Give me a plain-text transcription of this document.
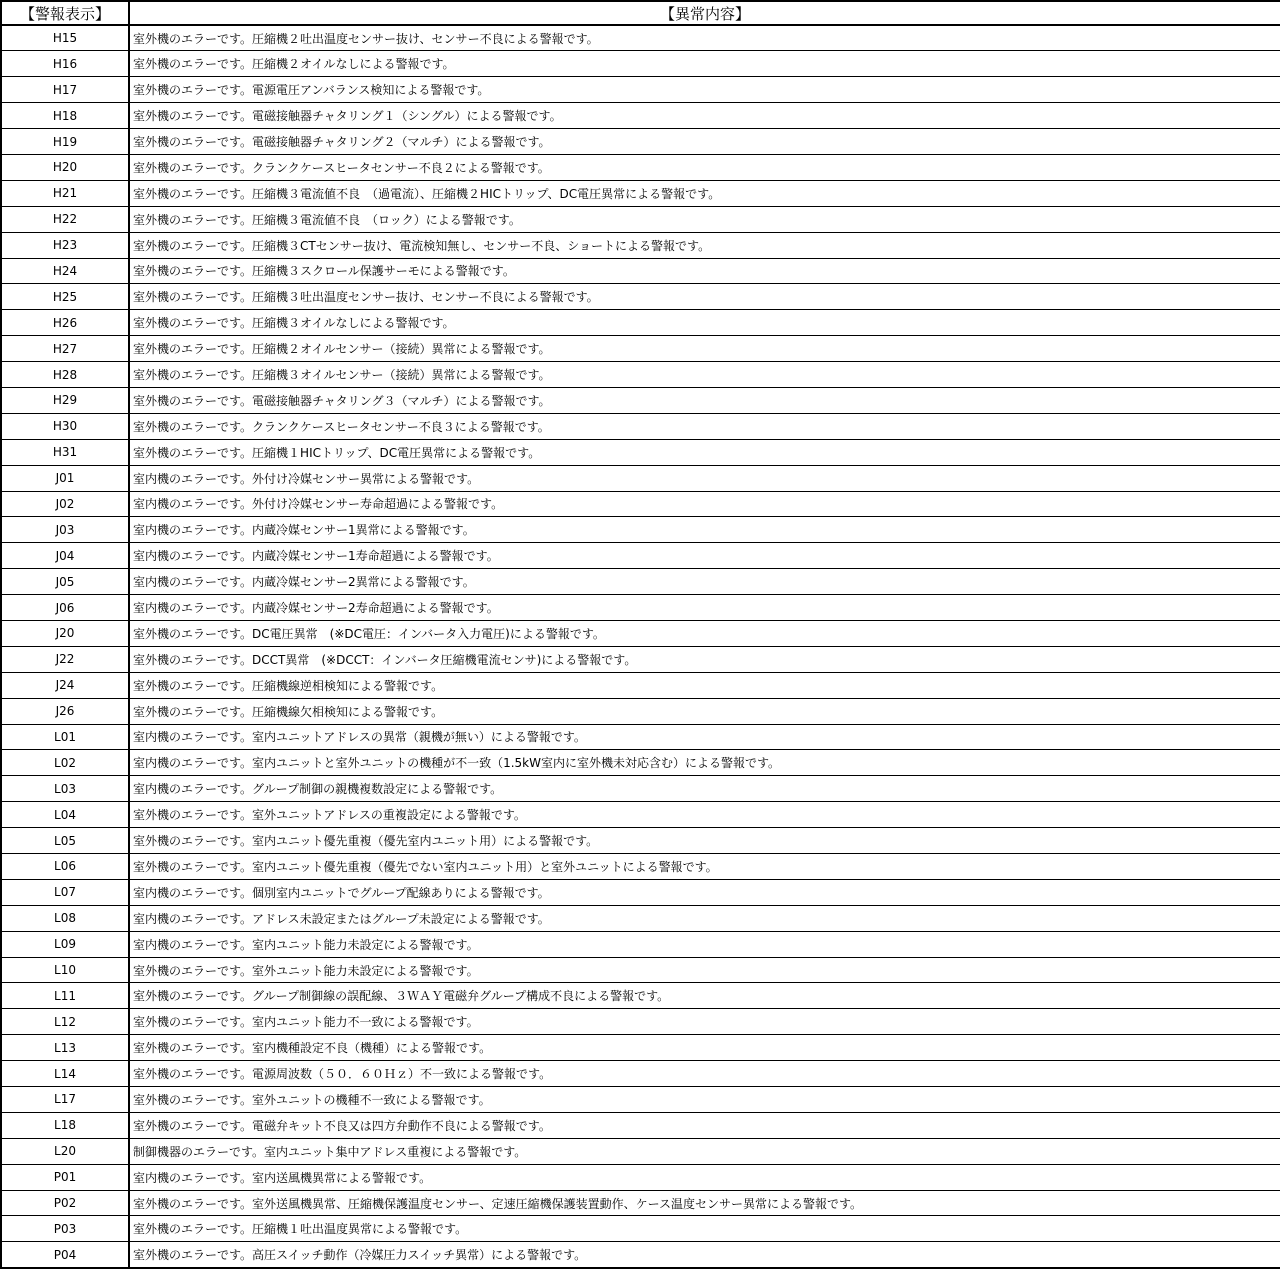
【警報表示】	【異常内容】
H15	室外機のエラーです。圧縮機２吐出温度センサー抜け、センサー不良による警報です。
H16	室外機のエラーです。圧縮機２オイルなしによる警報です。
H17	室外機のエラーです。電源電圧アンバランス検知による警報です。
H18	室外機のエラーです。電磁接触器チャタリング１（シングル）による警報です。
H19	室外機のエラーです。電磁接触器チャタリング２（マルチ）による警報です。
H20	室外機のエラーです。クランクケースヒータセンサー不良２による警報です。
H21	室外機のエラーです。圧縮機３電流値不良　（過電流）、圧縮機２HICトリップ、DC電圧異常による警報です。
H22	室外機のエラーです。圧縮機３電流値不良　（ロック）による警報です。
H23	室外機のエラーです。圧縮機３CTセンサー抜け、電流検知無し、センサー不良、ショートによる警報です。
H24	室外機のエラーです。圧縮機３スクロール保護サーモによる警報です。
H25	室外機のエラーです。圧縮機３吐出温度センサー抜け、センサー不良による警報です。
H26	室外機のエラーです。圧縮機３オイルなしによる警報です。
H27	室外機のエラーです。圧縮機２オイルセンサー（接続）異常による警報です。
H28	室外機のエラーです。圧縮機３オイルセンサー（接続）異常による警報です。
H29	室外機のエラーです。電磁接触器チャタリング３（マルチ）による警報です。
H30	室外機のエラーです。クランクケースヒータセンサー不良３による警報です。
H31	室外機のエラーです。圧縮機１HICトリップ、DC電圧異常による警報です。
J01	室内機のエラーです。外付け冷媒センサー異常による警報です。
J02	室内機のエラーです。外付け冷媒センサー寿命超過による警報です。
J03	室内機のエラーです。内蔵冷媒センサー1異常による警報です。
J04	室内機のエラーです。内蔵冷媒センサー1寿命超過による警報です。
J05	室内機のエラーです。内蔵冷媒センサー2異常による警報です。
J06	室内機のエラーです。内蔵冷媒センサー2寿命超過による警報です。
J20	室外機のエラーです。DC電圧異常　(※DC電圧：インバータ入力電圧)による警報です。
J22	室外機のエラーです。DCCT異常　(※DCCT：インバータ圧縮機電流センサ)による警報です。
J24	室外機のエラーです。圧縮機線逆相検知による警報です。
J26	室外機のエラーです。圧縮機線欠相検知による警報です。
L01	室内機のエラーです。室内ユニットアドレスの異常（親機が無い）による警報です。
L02	室内機のエラーです。室内ユニットと室外ユニットの機種が不一致（1.5kW室内に室外機未対応含む）による警報です。
L03	室内機のエラーです。グループ制御の親機複数設定による警報です。
L04	室外機のエラーです。室外ユニットアドレスの重複設定による警報です。
L05	室外機のエラーです。室内ユニット優先重複（優先室内ユニット用）による警報です。
L06	室外機のエラーです。室内ユニット優先重複（優先でない室内ユニット用）と室外ユニットによる警報です。
L07	室内機のエラーです。個別室内ユニットでグループ配線ありによる警報です。
L08	室内機のエラーです。アドレス未設定またはグループ未設定による警報です。
L09	室内機のエラーです。室内ユニット能力未設定による警報です。
L10	室外機のエラーです。室外ユニット能力未設定による警報です。
L11	室外機のエラーです。グループ制御線の誤配線、３ＷＡＹ電磁弁グループ構成不良による警報です。
L12	室外機のエラーです。室内ユニット能力不一致による警報です。
L13	室外機のエラーです。室内機種設定不良（機種）による警報です。
L14	室外機のエラーです。電源周波数（５０．６０Ｈｚ）不一致による警報です。
L17	室外機のエラーです。室外ユニットの機種不一致による警報です。
L18	室外機のエラーです。電磁弁キット不良又は四方弁動作不良による警報です。
L20	制御機器のエラーです。室内ユニット集中アドレス重複による警報です。
P01	室内機のエラーです。室内送風機異常による警報です。
P02	室外機のエラーです。室外送風機異常、圧縮機保護温度センサー、定速圧縮機保護装置動作、ケース温度センサー異常による警報です。
P03	室外機のエラーです。圧縮機１吐出温度異常による警報です。
P04	室外機のエラーです。高圧スイッチ動作（冷媒圧力スイッチ異常）による警報です。
